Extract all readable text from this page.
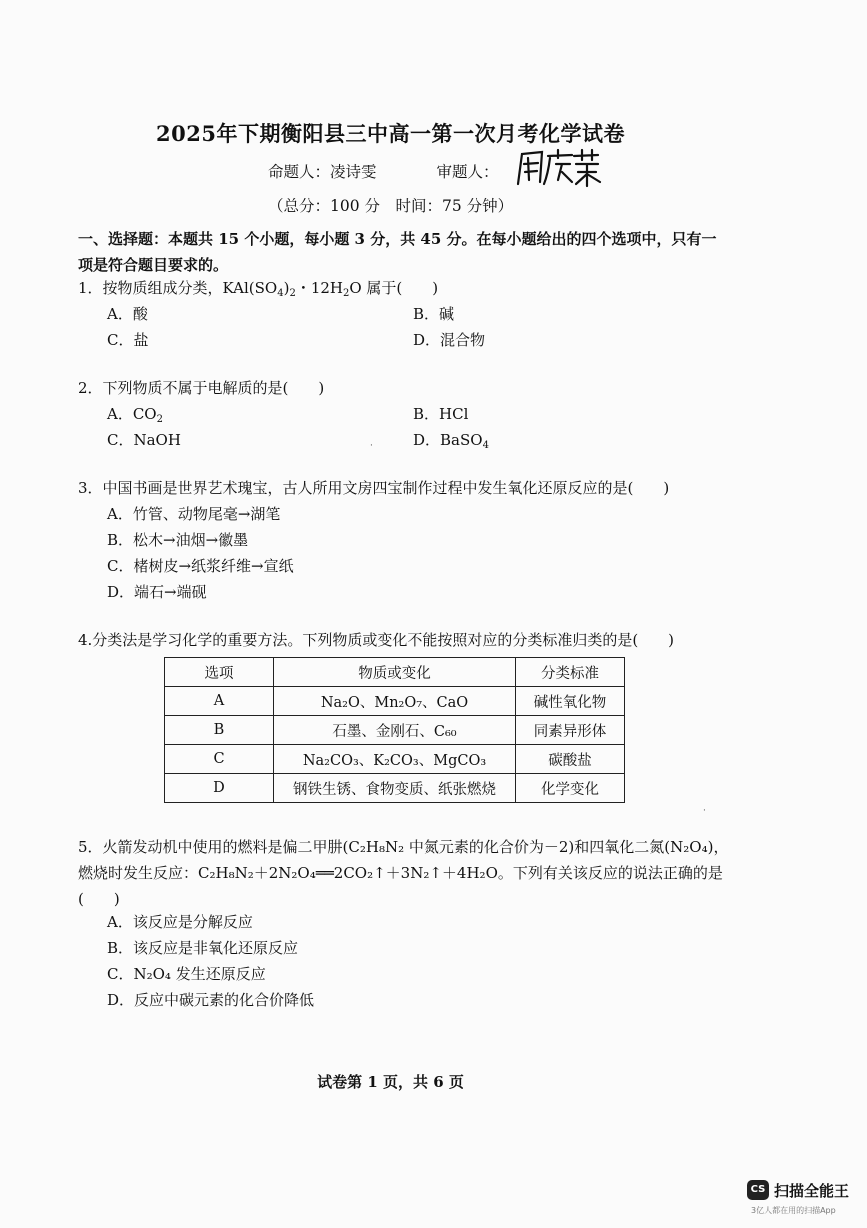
2025年下期衡阳县三中高一第一次月考化学试卷
命题人：凌诗雯	审题人：
（总分：100 分　时间：75 分钟）
一、选择题：本题共 15 个小题，每小题 3 分，共 45 分。在每小题给出的四个选项中，只有一项是符合题目要求的。
1．按物质组成分类，$KAl(SO_4)_2$・$12H_2O$ 属于(　　)
A．酸	B．碱
C．盐	D．混合物
2．下列物质不属于电解质的是(　　)
A．$CO_2$	B．HCl
C．NaOH	D．BaSO$_4$
·
3．中国书画是世界艺术瑰宝，古人所用文房四宝制作过程中发生氧化还原反应的是(　　)
A．竹管、动物尾毫→湖笔
B．松木→油烟→徽墨
C．楮树皮→纸浆纤维→宣纸
D．端石→端砚
4.分类法是学习化学的重要方法。下列物质或变化不能按照对应的分类标准归类的是(　　)
选项	物质或变化	分类标准
A	Na₂O、Mn₂O₇、CaO	碱性氧化物
B	石墨、金刚石、C₆₀	同素异形体
C	Na₂CO₃、K₂CO₃、MgCO₃	碳酸盐
D	钢铁生锈、食物变质、纸张燃烧	化学变化
·
5．火箭发动机中使用的燃料是偏二甲肼(C₂H₈N₂ 中氮元素的化合价为－2)和四氧化二氮(N₂O₄)，
燃烧时发生反应：C₂H₈N₂＋2N₂O₄══2CO₂↑＋3N₂↑＋4H₂O。下列有关该反应的说法正确的是
(　　)
A．该反应是分解反应
B．该反应是非氧化还原反应
C．N₂O₄ 发生还原反应
D．反应中碳元素的化合价降低
试卷第 1 页，共 6 页
CS 扫描全能王
3亿人都在用的扫描App
